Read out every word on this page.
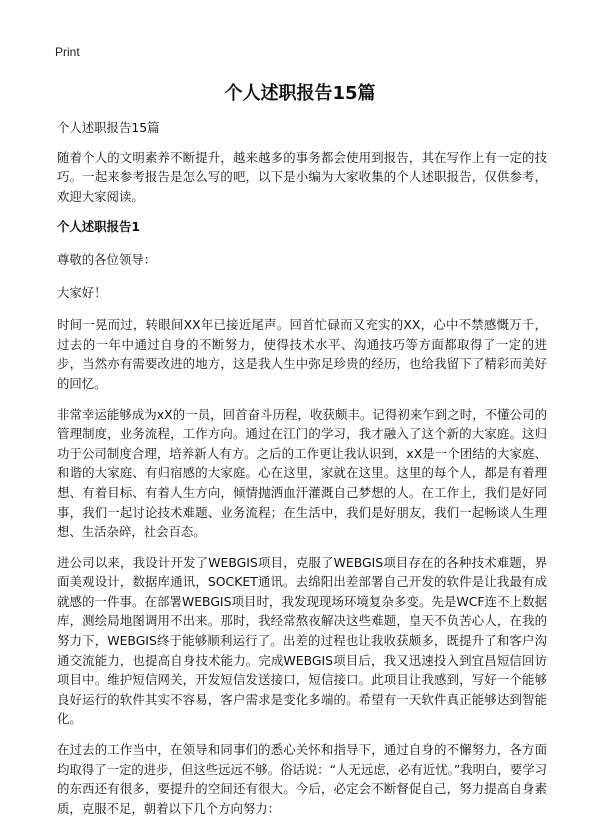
Print
个人述职报告15篇

个人述职报告15篇

随着个人的文明素养不断提升，越来越多的事务都会使用到报告，其在写作上有一定的技巧。一起来参考报告是怎么写的吧，以下是小编为大家收集的个人述职报告，仅供参考，欢迎大家阅读。

个人述职报告1

尊敬的各位领导：

大家好！

时间一晃而过，转眼间XX年已接近尾声。回首忙碌而又充实的XX，心中不禁感慨万千，过去的一年中通过自身的不断努力，使得技术水平、沟通技巧等方面都取得了一定的进步，当然亦有需要改进的地方，这是我人生中弥足珍贵的经历，也给我留下了精彩而美好的回忆。

非常幸运能够成为xX的一员，回首奋斗历程，收获颇丰。记得初来乍到之时，不懂公司的管理制度，业务流程，工作方向。通过在江门的学习，我才融入了这个新的大家庭。这归功于公司制度合理，培养新人有方。之后的工作更让我认识到，xX是一个团结的大家庭、和谐的大家庭、有归宿感的大家庭。心在这里，家就在这里。这里的每个人，都是有着理想、有着目标、有着人生方向，倾情抛洒血汗灌溉自己梦想的人。在工作上，我们是好同事，我们一起讨论技术难题、业务流程；在生活中，我们是好朋友，我们一起畅谈人生理想、生活杂碎，社会百态。

进公司以来，我设计开发了WEBGIS项目，克服了WEBGIS项目存在的各种技术难题，界面美观设计，数据库通讯，SOCKET通讯。去绵阳出差部署自己开发的软件是让我最有成就感的一件事。在部署WEBGIS项目时，我发现现场环境复杂多变。先是WCF连不上数据库，测绘局地图调用不出来。那时，我经常熬夜解决这些难题，皇天不负苦心人，在我的努力下，WEBGIS终于能够顺利运行了。出差的过程也让我收获颇多，既提升了和客户沟通交流能力，也提高自身技术能力。完成WEBGIS项目后，我又迅速投入到宜昌短信回访项目中。维护短信网关，开发短信发送接口，短信接口。此项目让我感到，写好一个能够良好运行的软件其实不容易，客户需求是变化多端的。希望有一天软件真正能够达到智能化。

在过去的工作当中，在领导和同事们的悉心关怀和指导下，通过自身的不懈努力，各方面均取得了一定的进步，但这些远远不够。俗话说：“人无远虑，必有近忧。”我明白，要学习的东西还有很多，要提升的空间还有很大。今后，必定会不断督促自己，努力提高自身素质，克服不足，朝着以下几个方向努力：
